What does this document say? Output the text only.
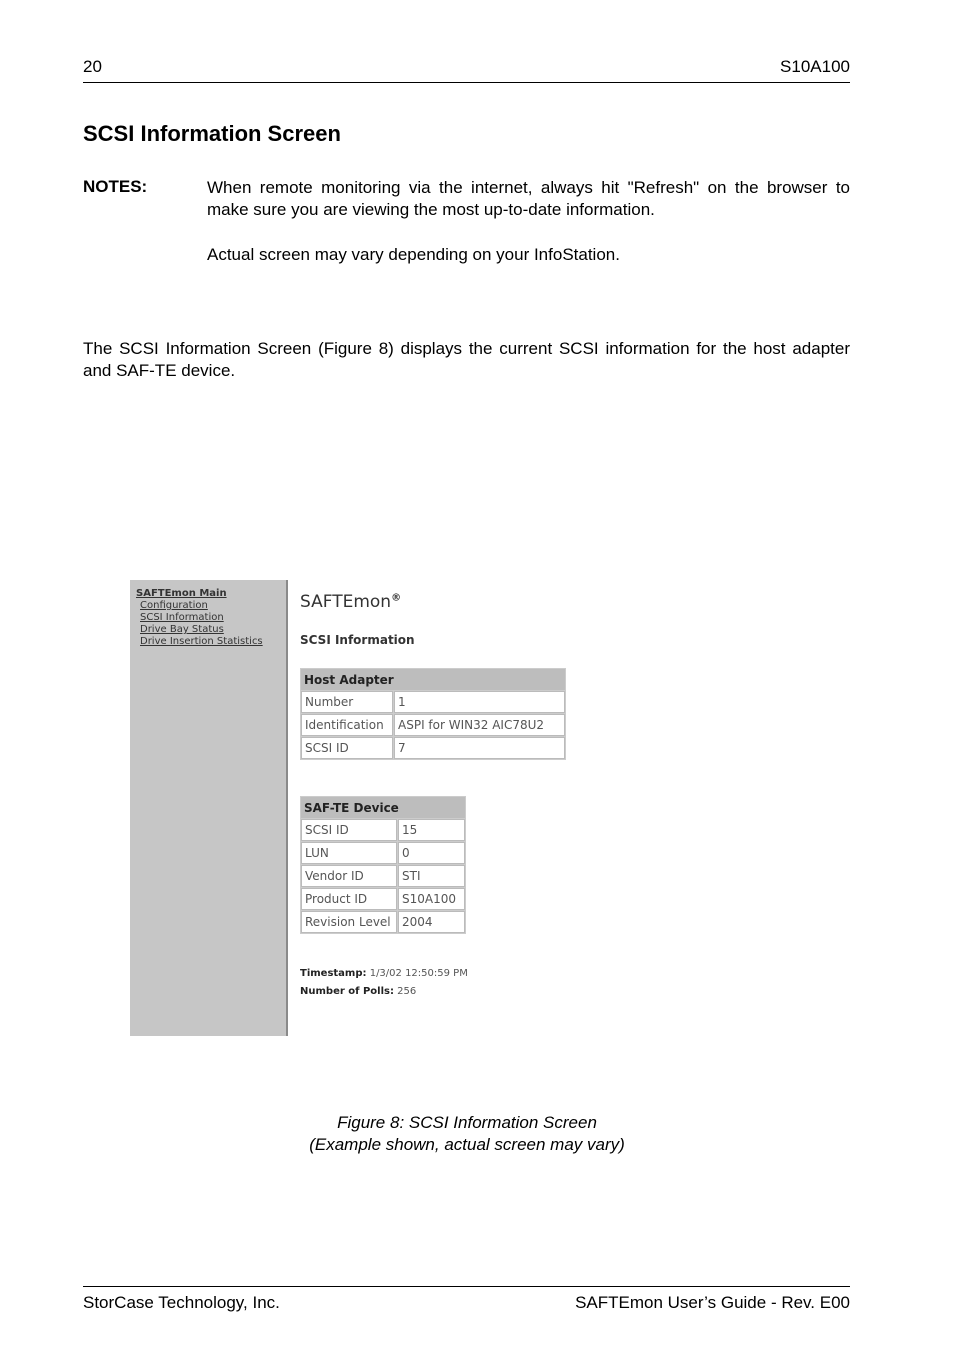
20	S10A100
SCSI Information Screen
NOTES:	When remote monitoring via the internet, always hit "Refresh" on the browser to make sure you are viewing the most up-to-date information.
Actual screen may vary depending on your InfoStation.
The SCSI Information Screen (Figure 8) displays the current SCSI information for the host adapter and SAF-TE device.
SAFTEmon Main
Configuration
SCSI Information
Drive Bay Status
Drive Insertion Statistics
SAFTEmon®
SCSI Information
Host Adapter	
Number	1
Identification	ASPI for WIN32 AIC78U2
SCSI ID	7
SAF-TE Device	
SCSI ID	15
LUN	0
Vendor ID	STI
Product ID	S10A100
Revision Level	2004
Timestamp: 1/3/02 12:50:59 PM
Number of Polls: 256
Figure 8: SCSI Information Screen
(Example shown, actual screen may vary)
StorCase Technology, Inc.	SAFTEmon User’s Guide - Rev. E00
